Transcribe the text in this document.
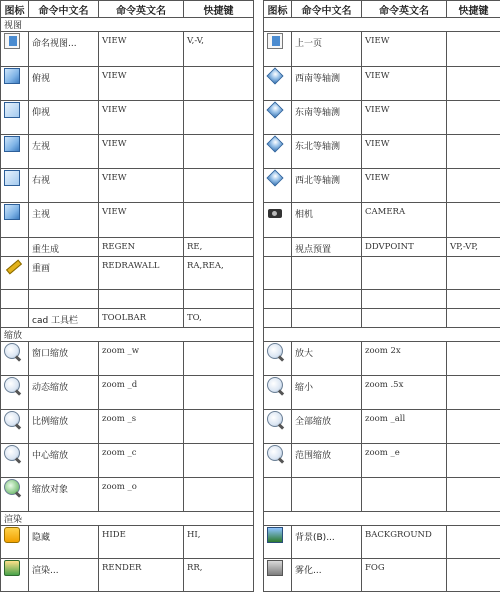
图标	命令中文名	命令英文名	快捷键		图标	命令中文名	命令英文名	快捷键
视图								
	命名视图...	VIEW	V,-V,			上一页	VIEW	
	俯视	VIEW				西南等轴测	VIEW	
	仰视	VIEW				东南等轴测	VIEW	
	左视	VIEW				东北等轴测	VIEW	
	右视	VIEW				西北等轴测	VIEW	
	主视	VIEW				相机	CAMERA	
	重生成	REGEN	RE,			视点预置	DDVPOINT	VP,-VP,
	重画	REDRAWALL	RA,REA,					

	cad 工具栏	TOOLBAR	TO,					
缩放								
	窗口缩放	zoom _w				放大	zoom 2x	
	动态缩放	zoom _d				缩小	zoom .5x	
	比例缩放	zoom _s				全部缩放	zoom _all	
	中心缩放	zoom _c				范围缩放	zoom _e	
	缩放对象	zoom _o						
渲染								
	隐藏	HIDE	HI,			背景(B)...	BACKGROUND	
	渲染...	RENDER	RR,			雾化...	FOG	
